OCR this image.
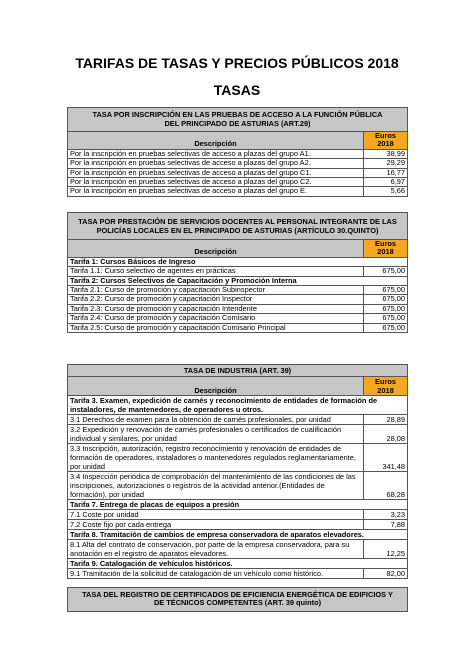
TARIFAS DE TASAS Y PRECIOS PÚBLICOS 2018
TASAS
TASA POR INSCRIPCIÓN EN LAS PRUEBAS DE ACCESO A LA FUNCIÓN PÚBLICA DEL PRINCIPADO DE ASTURIAS (ART.29)	
Descripción	Euros 2018
Por la inscripción en pruebas selectivas de acceso a plazas del grupo A1.	38,99
Por la inscripción en pruebas selectivas de acceso a plazas del grupo A2.	29,29
Por la inscripción en pruebas selectivas de acceso a plazas del grupo C1.	16,77
Por la inscripción en pruebas selectivas de acceso a plazas del grupo C2.	6,97
Por la inscripción en pruebas selectivas de acceso a plazas del grupo E.	5,66
TASA POR PRESTACIÓN DE SERVICIOS DOCENTES AL PERSONAL INTEGRANTE DE LAS POLICÍAS LOCALES EN EL PRINCIPADO DE ASTURIAS (ARTÍCULO 30.QUINTO)	
Descripción	Euros 2018
Tarifa 1: Cursos Básicos de Ingreso	
Tarifa 1.1: Curso selectivo de agentes en prácticas	675,00
Tarifa 2: Cursos Selectivos de Capacitación y Promoción Interna	
Tarifa 2.1: Curso de promoción y capacitación Subinspector	675,00
Tarifa 2.2: Curso de promoción y capacitación Inspector	675,00
Tarifa 2.3: Curso de promoción y capacitación Intendente	675,00
Tarifa 2.4: Curso de promoción y capacitación Comisario	675,00
Tarifa 2.5: Curso de promoción y capacitación Comisario Principal	675,00
TASA DE INDUSTRIA (ART. 39)	
Descripción	Euros 2018
Tarifa 3. Examen, expedición de carnés y reconocimiento de entidades de formación de instaladores, de mantenedores, de operadores u otros.	
3.1 Derechos de examen para la obtención de carnés profesionales, por unidad	28,89
3.2 Expedición y renovación de carnés profesionales o certificados de cualificación individual y similares, por unidad	28,08
3.3 Inscripción, autorización, registro reconocimiento y renovación de entidades de formación de operadores, instaladores o mantenedores regulados reglamentariamente, por unidad	341,48
3.4 Inspección periódica de comprobación del mantenimiento de las condiciones de las inscripciones, autorizaciones o registros de la actividad anterior.(Entidades de formación), por unidad	68,28
Tarifa 7. Entrega de placas de equipos a presión	
7.1 Coste por unidad	3,23
7.2 Coste fijo por cada entrega	7,88
Tarifa 8. Tramitación de cambios de empresa conservadora de aparatos elevadores.	
8.1 Alta del contrato de conservación, por parte de la empresa conservadora, para su anotación en el registro de aparatos elevadores.	12,25
Tarifa 9. Catalogación de vehículos históricos.	
9.1 Tramitación de la solicitud de catalogación de un vehículo como histórico.	82,00
TASA DEL REGISTRO DE CERTIFICADOS DE EFICIENCIA ENERGÉTICA DE EDIFICIOS Y DE TÉCNICOS COMPETENTES (ART. 39 quinto)
